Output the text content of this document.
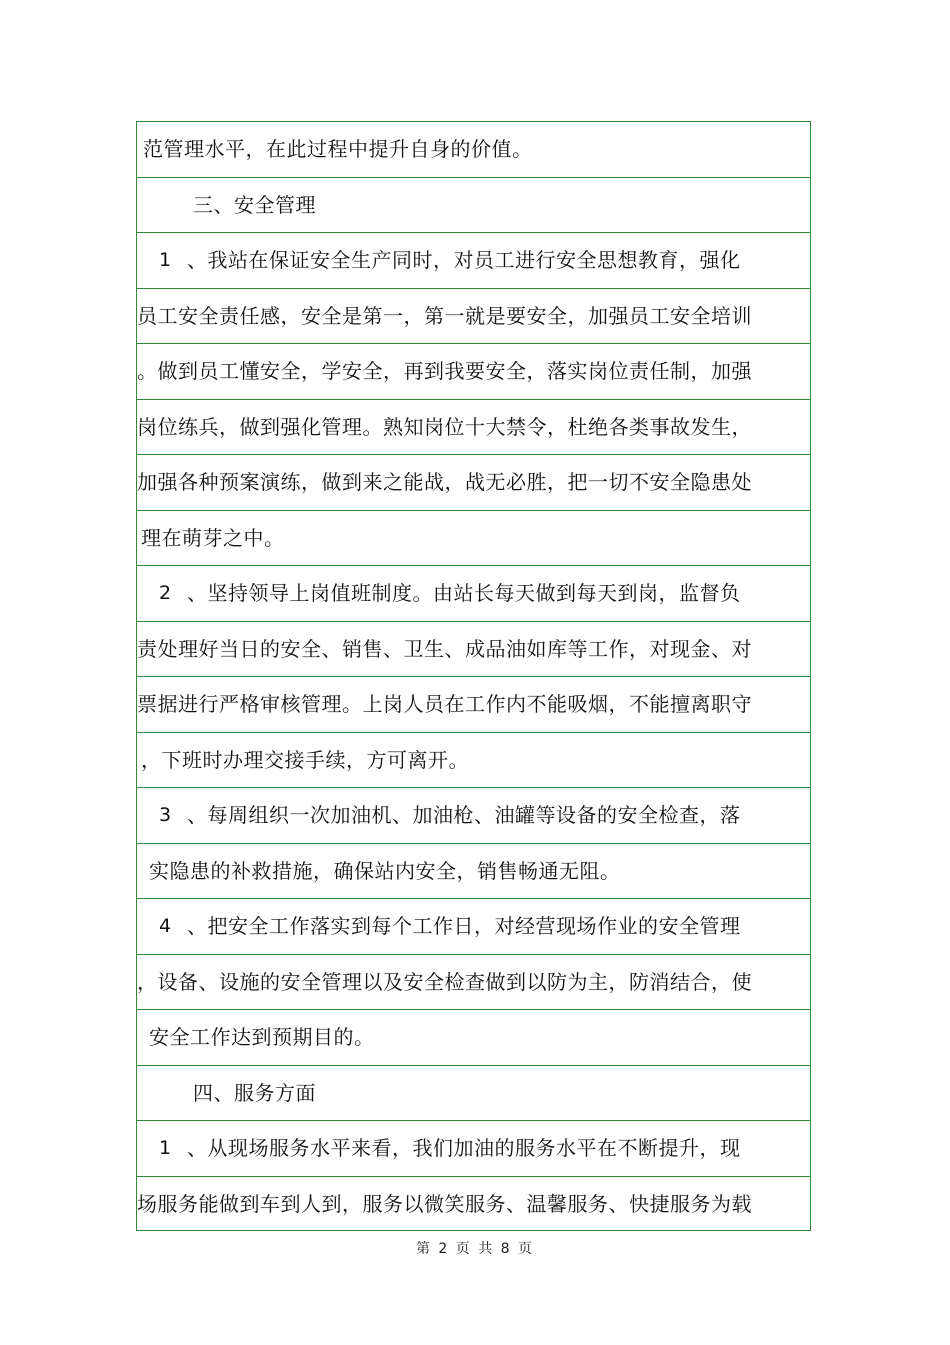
范管理水平，在此过程中提升自身的价值。
三、安全管理
1 、我站在保证安全生产同时，对员工进行安全思想教育，强化
员工安全责任感，安全是第一，第一就是要安全，加强员工安全培训
。做到员工懂安全，学安全，再到我要安全，落实岗位责任制，加强
岗位练兵，做到强化管理。熟知岗位十大禁令，杜绝各类事故发生，
加强各种预案演练，做到来之能战，战无必胜，把一切不安全隐患处
理在萌芽之中。
2 、坚持领导上岗值班制度。由站长每天做到每天到岗，监督负
责处理好当日的安全、销售、卫生、成品油如库等工作，对现金、对
票据进行严格审核管理。上岗人员在工作内不能吸烟，不能擅离职守
，下班时办理交接手续，方可离开。
3 、每周组织一次加油机、加油枪、油罐等设备的安全检查，落
实隐患的补救措施，确保站内安全，销售畅通无阻。
4 、把安全工作落实到每个工作日，对经营现场作业的安全管理
，设备、设施的安全管理以及安全检查做到以防为主，防消结合，使
安全工作达到预期目的。
四、服务方面
1 、从现场服务水平来看，我们加油的服务水平在不断提升，现
场服务能做到车到人到，服务以微笑服务、温馨服务、快捷服务为载
第 2 页 共 8 页
